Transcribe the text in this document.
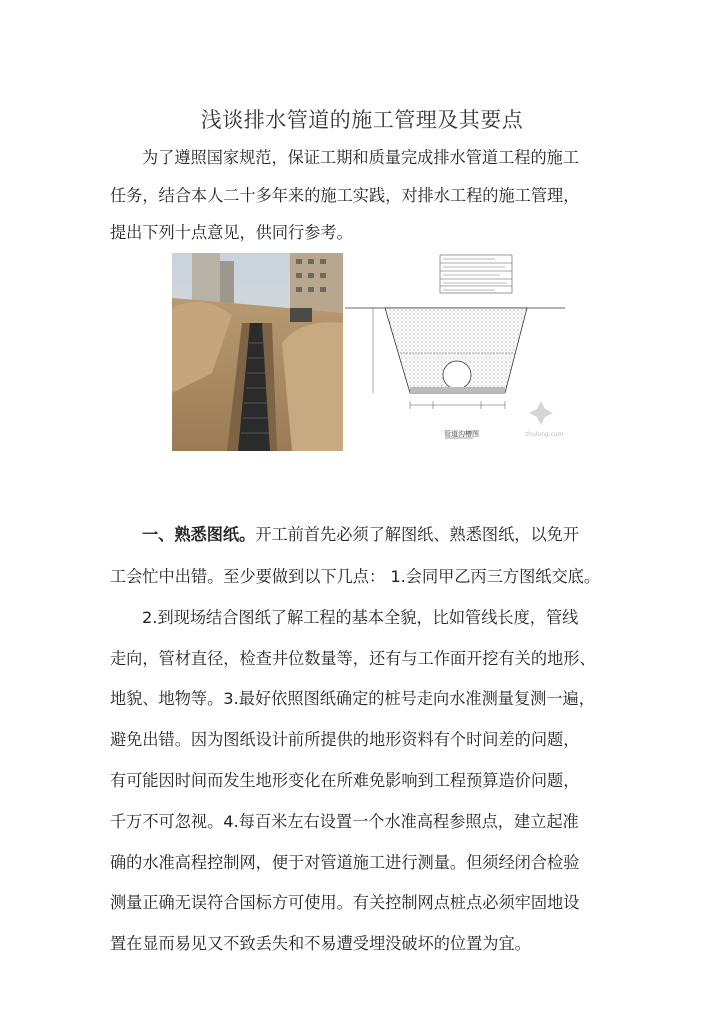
浅谈排水管道的施工管理及其要点
为了遵照国家规范，保证工期和质量完成排水管道工程的施工
任务，结合本人二十多年来的施工实践，对排水工程的施工管理，
提出下列十点意见，供同行参考。
管道沟槽图	zhulong.com
一、熟悉图纸。开工前首先必须了解图纸、熟悉图纸，以免开
工会忙中出错。至少要做到以下几点： 1.会同甲乙丙三方图纸交底。
2.到现场结合图纸了解工程的基本全貌，比如管线长度，管线
走向，管材直径，检查井位数量等，还有与工作面开挖有关的地形、
地貌、地物等。3.最好依照图纸确定的桩号走向水准测量复测一遍，
避免出错。因为图纸设计前所提供的地形资料有个时间差的问题，
有可能因时间而发生地形变化在所难免影响到工程预算造价问题，
千万不可忽视。4.每百米左右设置一个水准高程参照点，建立起准
确的水准高程控制网，便于对管道施工进行测量。但须经闭合检验
测量正确无误符合国标方可使用。有关控制网点桩点必须牢固地设
置在显而易见又不致丢失和不易遭受埋没破坏的位置为宜。
